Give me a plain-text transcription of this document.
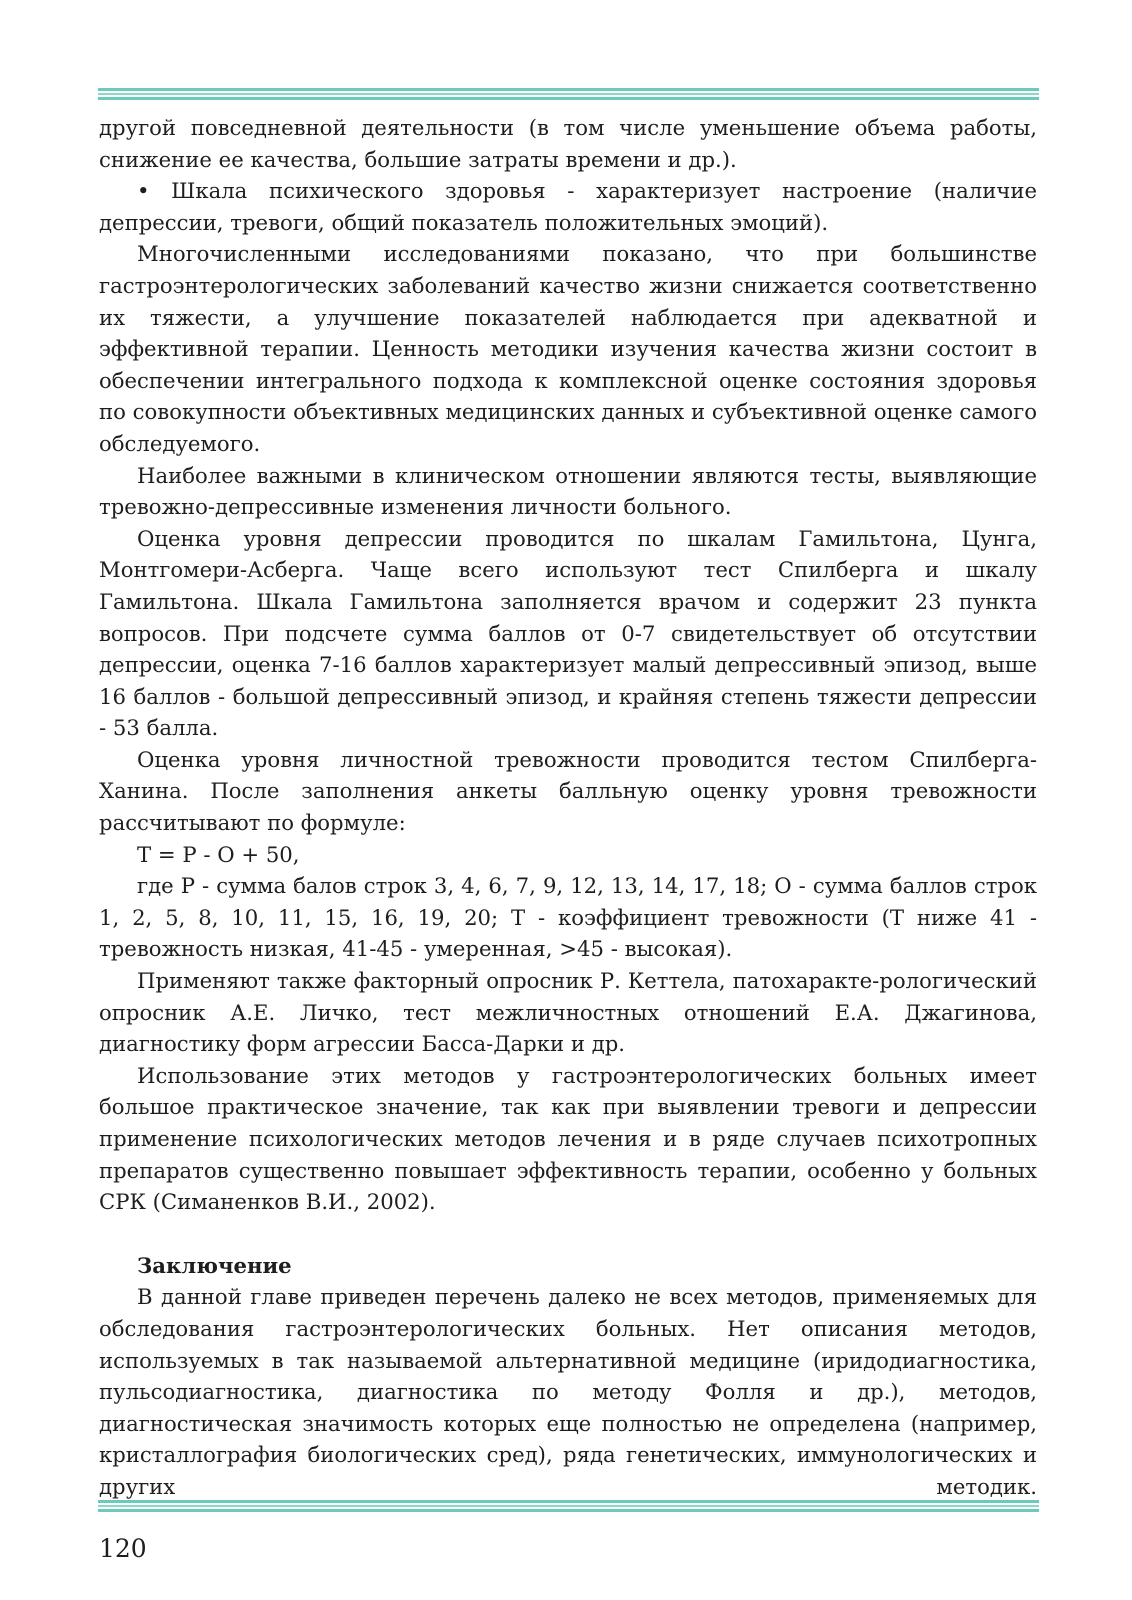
другой повседневной деятельности (в том числе уменьшение объема работы, снижение ее качества, большие затраты времени и др.).

• Шкала психического здоровья - характеризует настроение (наличие депрессии, тревоги, общий показатель положительных эмоций).

Многочисленными исследованиями показано, что при большинстве гастроэнтерологических заболеваний качество жизни снижается соответственно их тяжести, а улучшение показателей наблюдается при адекватной и эффективной терапии. Ценность методики изучения качества жизни состоит в обеспечении интегрального подхода к комплексной оценке состояния здоровья по совокупности объективных медицинских данных и субъективной оценке самого обследуемого.

Наиболее важными в клиническом отношении являются тесты, выявляющие тревожно-депрессивные изменения личности больного.

Оценка уровня депрессии проводится по шкалам Гамильтона, Цунга, Монтгомери-Асберга. Чаще всего используют тест Спилберга и шкалу Гамильтона. Шкала Гамильтона заполняется врачом и содержит 23 пункта вопросов. При подсчете сумма баллов от 0-7 свидетельствует об отсутствии депрессии, оценка 7-16 баллов характеризует малый депрессивный эпизод, выше 16 баллов - большой депрессивный эпизод, и крайняя степень тяжести депрессии - 53 балла.

Оценка уровня личностной тревожности проводится тестом Спилберга-Ханина. После заполнения анкеты балльную оценку уровня тревожности рассчитывают по формуле:

Т = Р - О + 50,

где Р - сумма балов строк 3, 4, 6, 7, 9, 12, 13, 14, 17, 18; О - сумма баллов строк 1, 2, 5, 8, 10, 11, 15, 16, 19, 20; Т - коэффициент тревожности (Т ниже 41 - тревожность низкая, 41-45 - умеренная, >45 - высокая).

Применяют также факторный опросник Р. Кеттела, патохаракте-рологический опросник А.Е. Личко, тест межличностных отношений Е.А. Джагинова, диагностику форм агрессии Басса-Дарки и др.

Использование этих методов у гастроэнтерологических больных имеет большое практическое значение, так как при выявлении тревоги и депрессии применение психологических методов лечения и в ряде случаев психотропных препаратов существенно повышает эффективность терапии, особенно у больных СРК (Симаненков В.И., 2002).

Заключение

В данной главе приведен перечень далеко не всех методов, применяемых для обследования гастроэнтерологических больных. Нет описания методов, используемых в так называемой альтернативной медицине (иридодиагностика, пульсодиагностика, диагностика по методу Фолля и др.), методов, диагностическая значимость которых еще полностью не определена (например, кристаллография биологических сред), ряда генетических, иммунологических и других методик.

120
